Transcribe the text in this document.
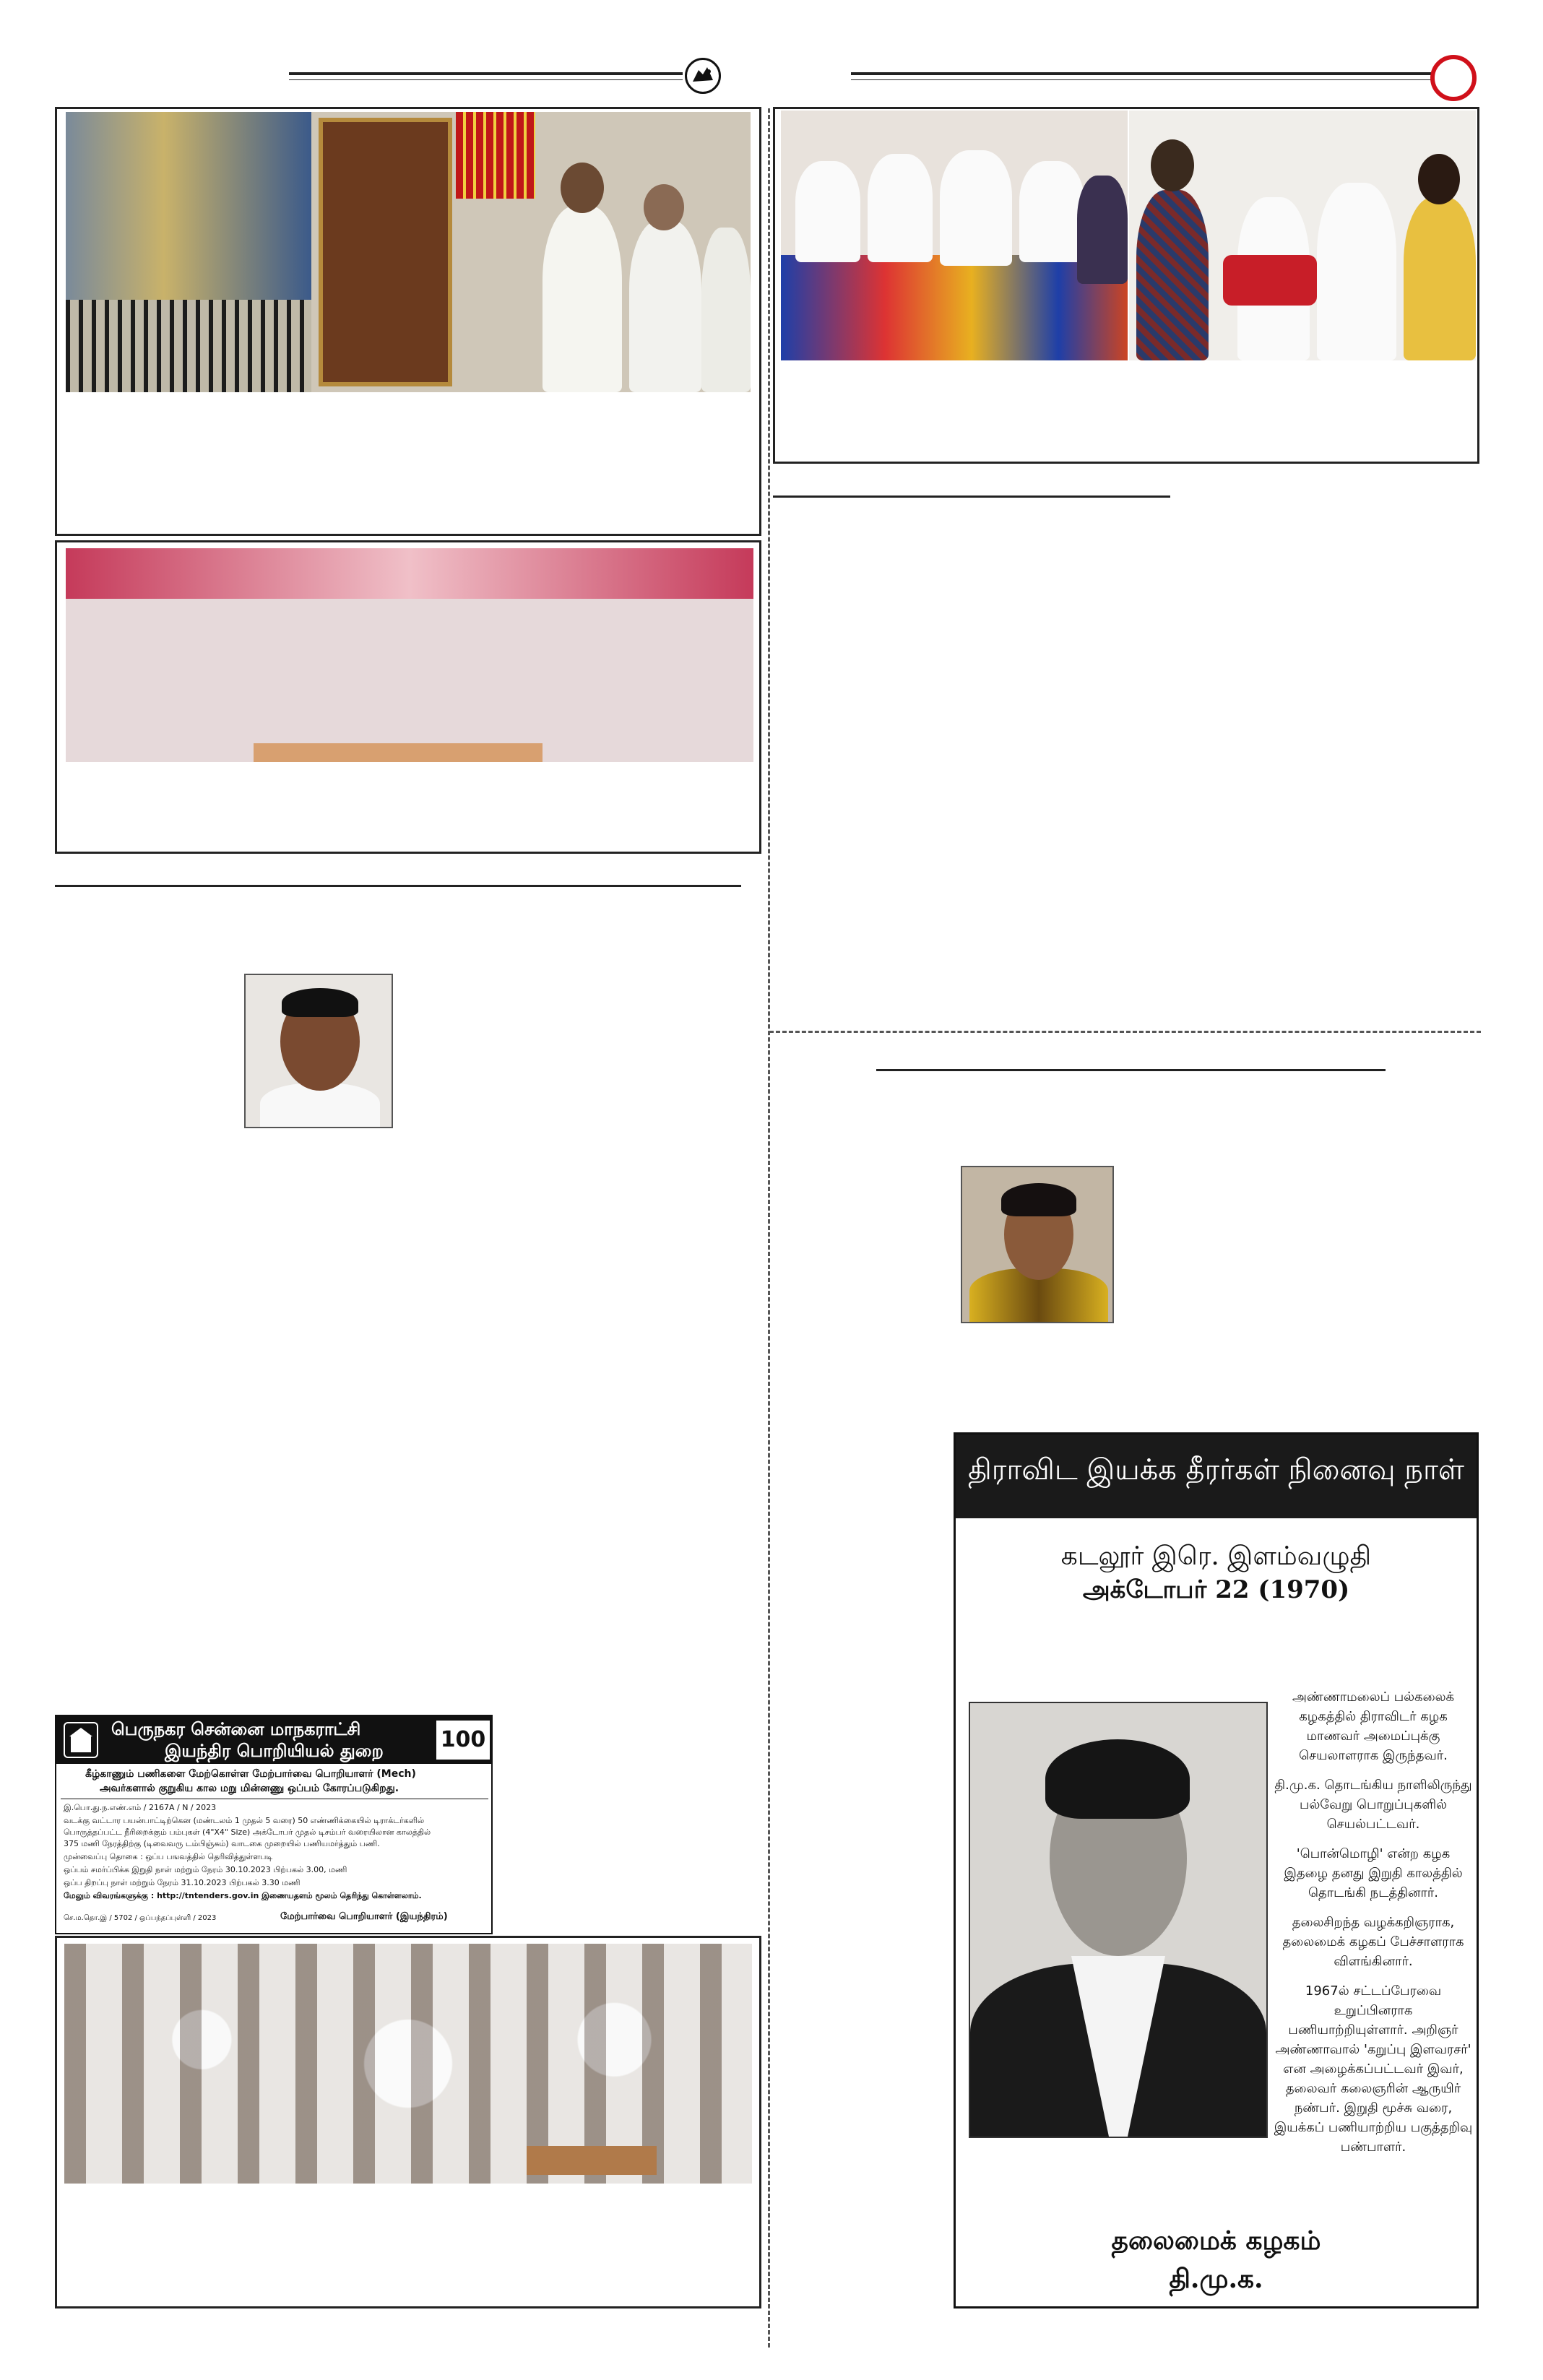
பெருநகர சென்னை மாநகராட்சி
இயந்திர பொறியியல் துறை	100
கீழ்காணும் பணிகளை மேற்கொள்ள மேற்பார்வை பொறியாளர் (Mech)
அவர்களால் குறுகிய கால மறு மின்னணு ஒப்பம் கோரப்படுகிறது.
இ.பொ.து.ந.எண்.எம் / 2167A / N / 2023
வடக்கு வட்டார பயன்பாட்டிற்கென (மண்டலம் 1 முதல் 5 வரை) 50 எண்ணிக்கையில் டிராக்டர்களில்
பொருத்தப்பட்ட நீரிறைக்கும் பம்புகள் (4"X4" Size) அக்டோபர் முதல் டிசம்பர் வரையிலான காலத்தில்
375 மணி நேரத்திற்கு (டிவைவரு டம்பிஞ்சும்) வாடகை முறையில் பணியமர்த்தும் பணி.
முன்வைப்பு தொகை : ஒப்ப பஙவத்தில் தெரிவித்துள்ளபடி
ஒப்பம் சமர்ப்பிக்க இறுதி நாள் மற்றும் நேரம் 30.10.2023 பிற்பகல் 3.00, மணி
ஒப்ப திறப்பு நாள் மற்றும் நேரம் 31.10.2023 பிற்பகல் 3.30 மணி
மேலும் விவரங்களுக்கு : http://tntenders.gov.in இணையதளம் மூலம் தெரிந்து கொள்ளலாம்.
செ.ம.தொ.இ / 5702 / ஒப்பந்தப்புள்ளி / 2023	மேற்பார்வை பொறியாளர் (இயந்திரம்)
திராவிட இயக்க தீரர்கள் நினைவு நாள்
கடலூர் இரெ. இளம்வழுதி
அக்டோபர் 22 (1970)

அண்ணாமலைப் பல்கலைக் கழகத்தில் திராவிடர் கழக மாணவர் அமைப்புக்கு செயலாளராக இருந்தவர்.

தி.மு.க. தொடங்கிய நாளிலிருந்து பல்வேறு பொறுப்புகளில் செயல்பட்டவர்.

'பொன்மொழி' என்ற கழக இதழை தனது இறுதி காலத்தில் தொடங்கி நடத்தினார்.

தலைசிறந்த வழக்கறிஞராக, தலைமைக் கழகப் பேச்சாளராக விளங்கினார்.

1967ல் சட்டப்பேரவை உறுப்பினராக பணியாற்றியுள்ளார். அறிஞர் அண்ணாவால் 'கறுப்பு இளவரசர்' என அழைக்கப்பட்டவர் இவர், தலைவர் கலைஞரின் ஆருயிர் நண்பர். இறுதி மூச்சு வரை, இயக்கப் பணியாற்றிய பகுத்தறிவு பண்பாளர்.

தலைமைக் கழகம்
தி.மு.க.
